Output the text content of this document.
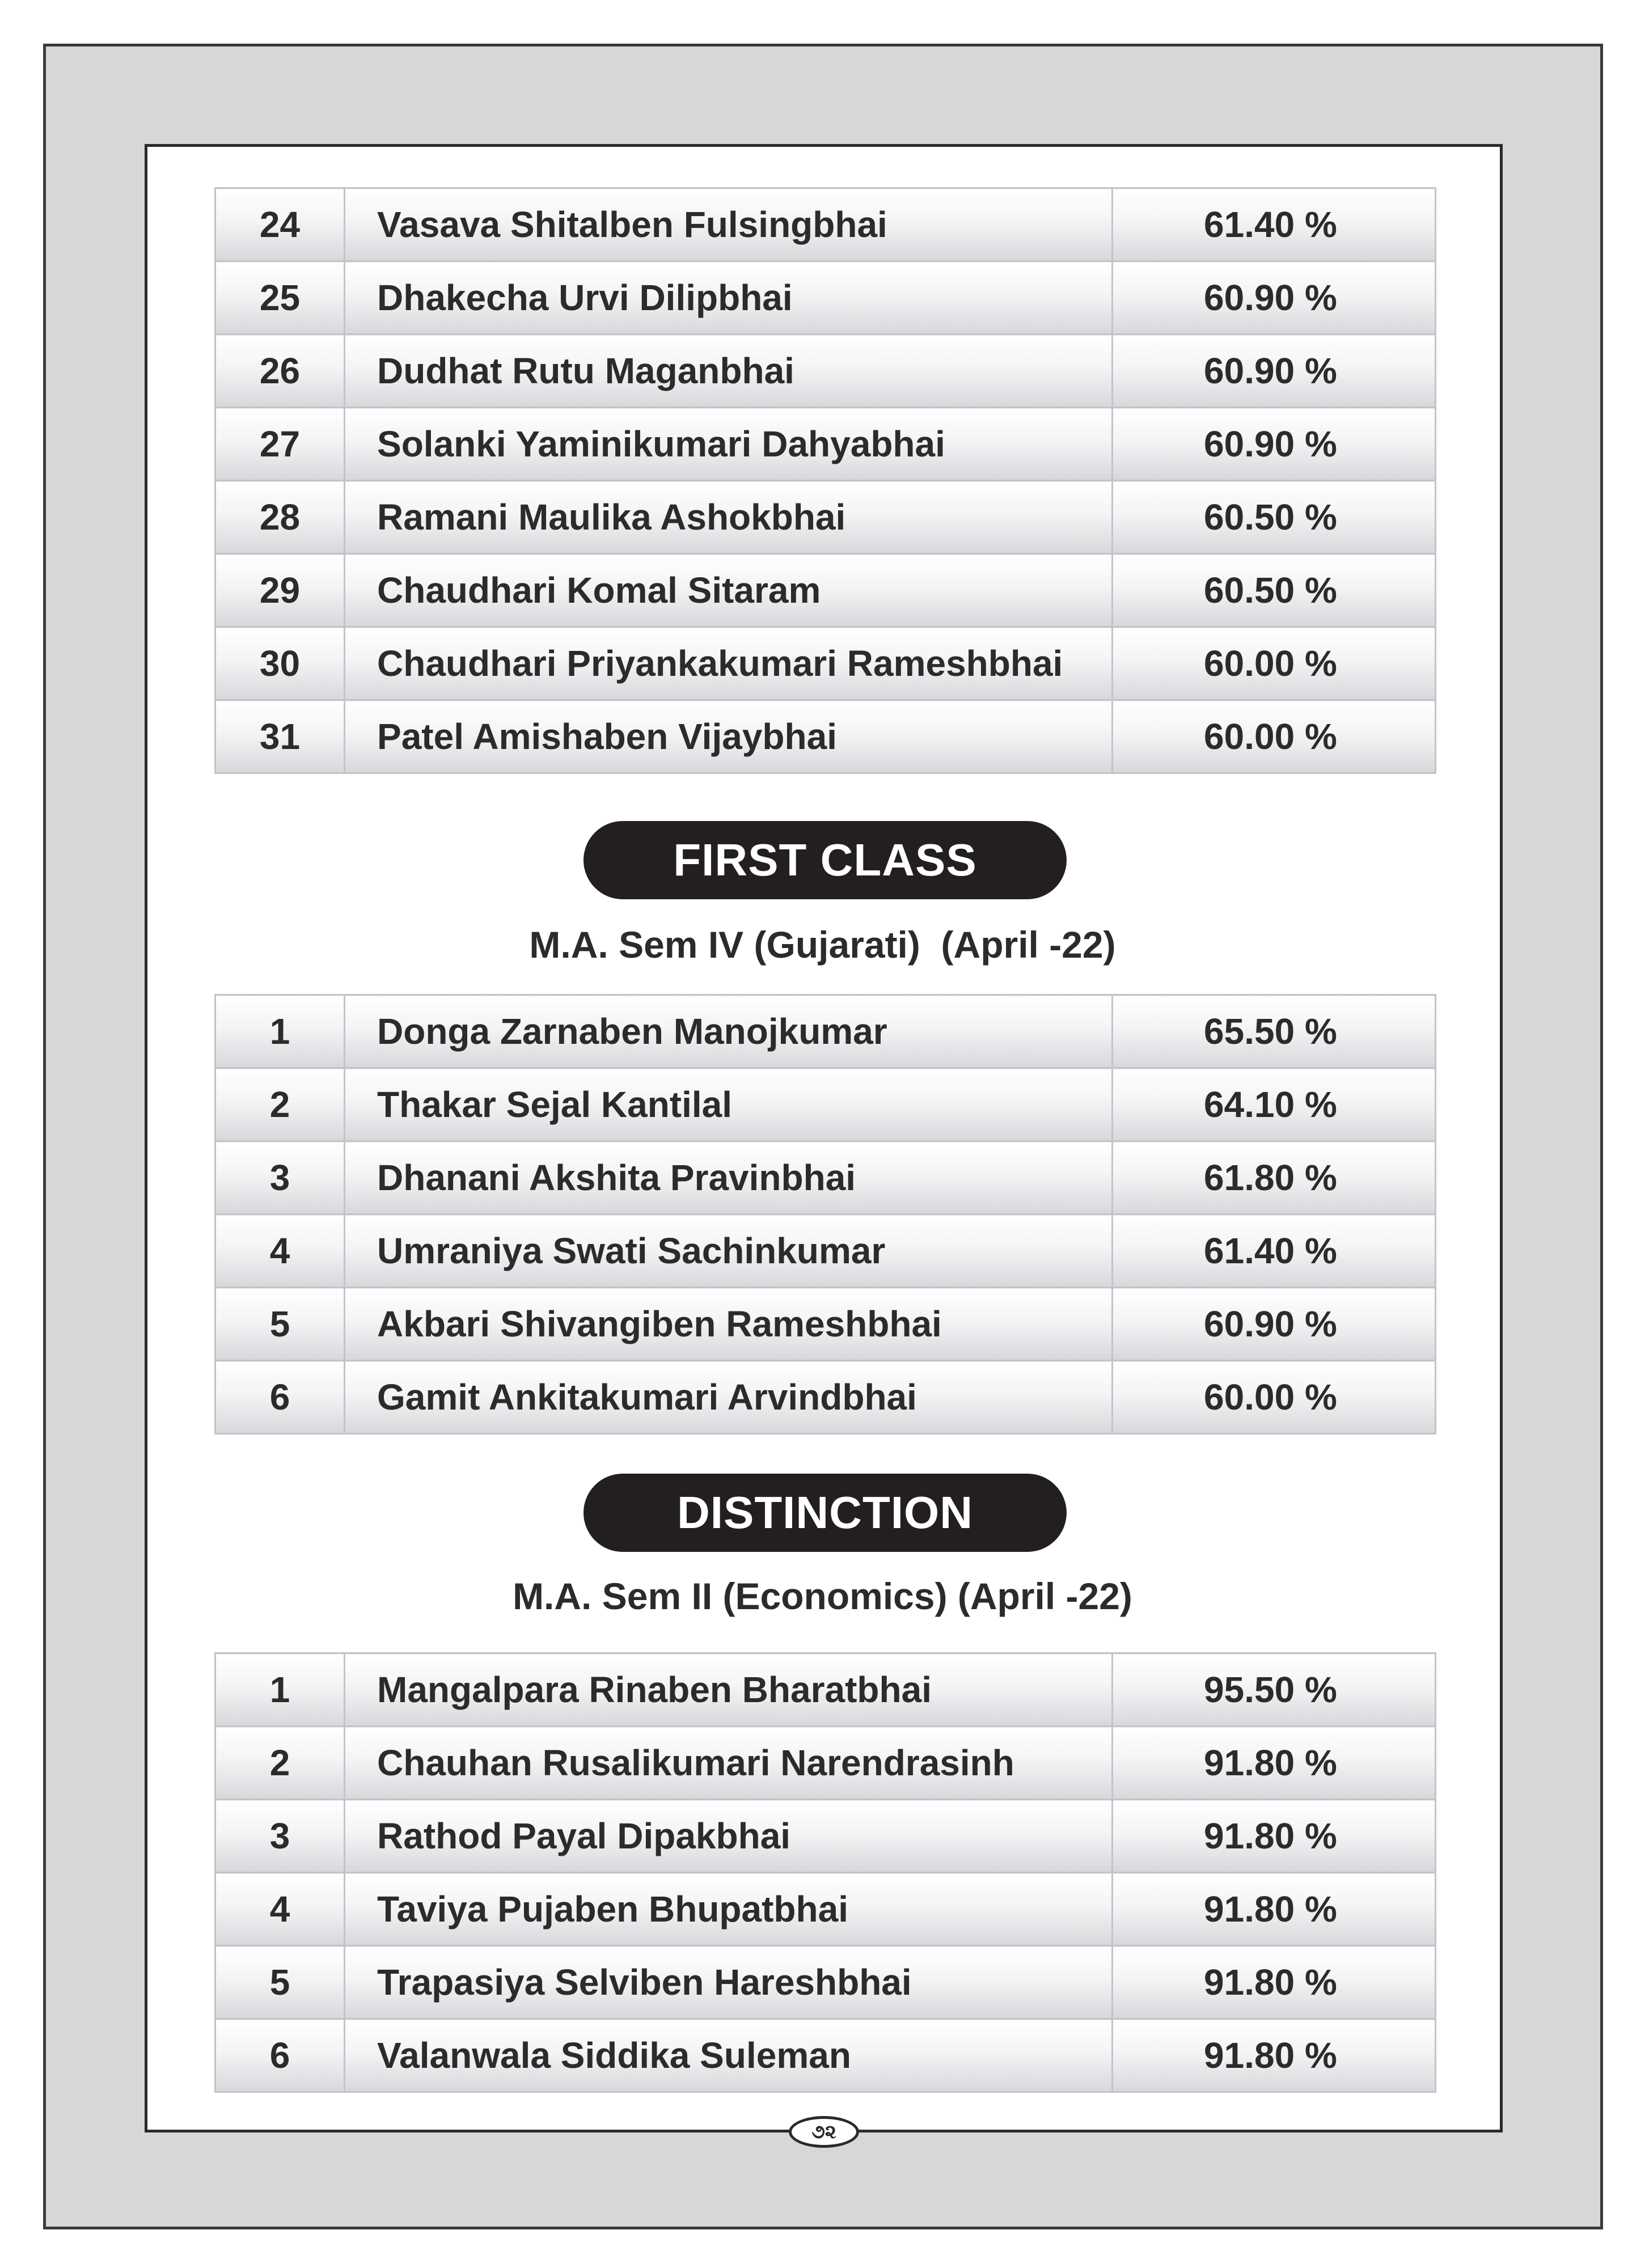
24	Vasava Shitalben Fulsingbhai	61.40 %
25	Dhakecha Urvi Dilipbhai	60.90 %
26	Dudhat Rutu Maganbhai	60.90 %
27	Solanki Yaminikumari Dahyabhai	60.90 %
28	Ramani Maulika Ashokbhai	60.50 %
29	Chaudhari Komal Sitaram	60.50 %
30	Chaudhari Priyankakumari Rameshbhai	60.00 %
31	Patel Amishaben Vijaybhai	60.00 %
FIRST CLASS
M.A. Sem IV (Gujarati)  (April -22)
1	Donga Zarnaben Manojkumar	65.50 %
2	Thakar Sejal Kantilal	64.10 %
3	Dhanani Akshita Pravinbhai	61.80 %
4	Umraniya Swati Sachinkumar	61.40 %
5	Akbari Shivangiben Rameshbhai	60.90 %
6	Gamit Ankitakumari Arvindbhai	60.00 %
DISTINCTION
M.A. Sem II (Economics) (April -22)
1	Mangalpara Rinaben Bharatbhai	95.50 %
2	Chauhan Rusalikumari Narendrasinh	91.80 %
3	Rathod Payal Dipakbhai	91.80 %
4	Taviya Pujaben Bhupatbhai	91.80 %
5	Trapasiya Selviben Hareshbhai	91.80 %
6	Valanwala Siddika Suleman	91.80 %
૭૨
